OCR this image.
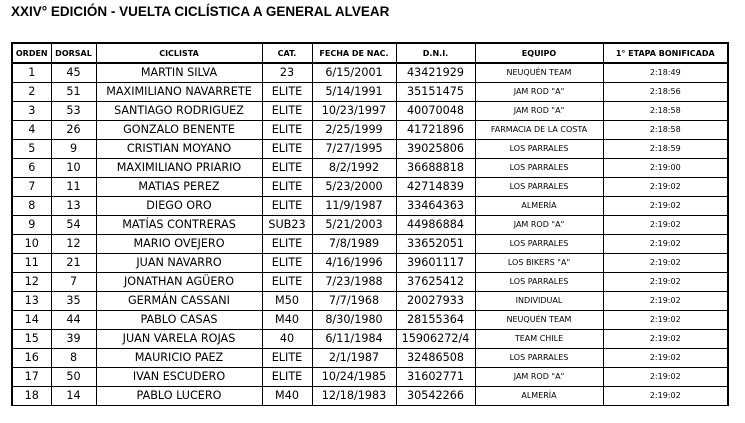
XXIV° EDICIÓN - VUELTA CICLÍSTICA A GENERAL ALVEAR
ORDEN	DORSAL	CICLISTA	CAT.	FECHA DE NAC.	D.N.I.	EQUIPO	1° ETAPA BONIFICADA
1	45	MARTIN SILVA	23	6/15/2001	43421929	NEUQUÉN TEAM	2:18:49
2	51	MAXIMILIANO NAVARRETE	ELITE	5/14/1991	35151475	JAM ROD "A"	2:18:56
3	53	SANTIAGO RODRIGUEZ	ELITE	10/23/1997	40070048	JAM ROD "A"	2:18:58
4	26	GONZALO BENENTE	ELITE	2/25/1999	41721896	FARMACIA DE LA COSTA	2:18:58
5	9	CRISTIAN MOYANO	ELITE	7/27/1995	39025806	LOS PARRALES	2:18:59
6	10	MAXIMILIANO PRIARIO	ELITE	8/2/1992	36688818	LOS PARRALES	2:19:00
7	11	MATIAS PEREZ	ELITE	5/23/2000	42714839	LOS PARRALES	2:19:02
8	13	DIEGO ORO	ELITE	11/9/1987	33464363	ALMERÍA	2:19:02
9	54	MATÍAS CONTRERAS	SUB23	5/21/2003	44986884	JAM ROD "A"	2:19:02
10	12	MARIO OVEJERO	ELITE	7/8/1989	33652051	LOS PARRALES	2:19:02
11	21	JUAN NAVARRO	ELITE	4/16/1996	39601117	LOS BIKERS "A"	2:19:02
12	7	JONATHAN AGÜERO	ELITE	7/23/1988	37625412	LOS PARRALES	2:19:02
13	35	GERMÁN CASSANI	M50	7/7/1968	20027933	INDIVIDUAL	2:19:02
14	44	PABLO CASAS	M40	8/30/1980	28155364	NEUQUÉN TEAM	2:19:02
15	39	JUAN VARELA ROJAS	40	6/11/1984	15906272/4	TEAM CHILE	2:19:02
16	8	MAURICIO PAEZ	ELITE	2/1/1987	32486508	LOS PARRALES	2:19:02
17	50	IVAN ESCUDERO	ELITE	10/24/1985	31602771	JAM ROD "A"	2:19:02
18	14	PABLO LUCERO	M40	12/18/1983	30542266	ALMERÍA	2:19:02
